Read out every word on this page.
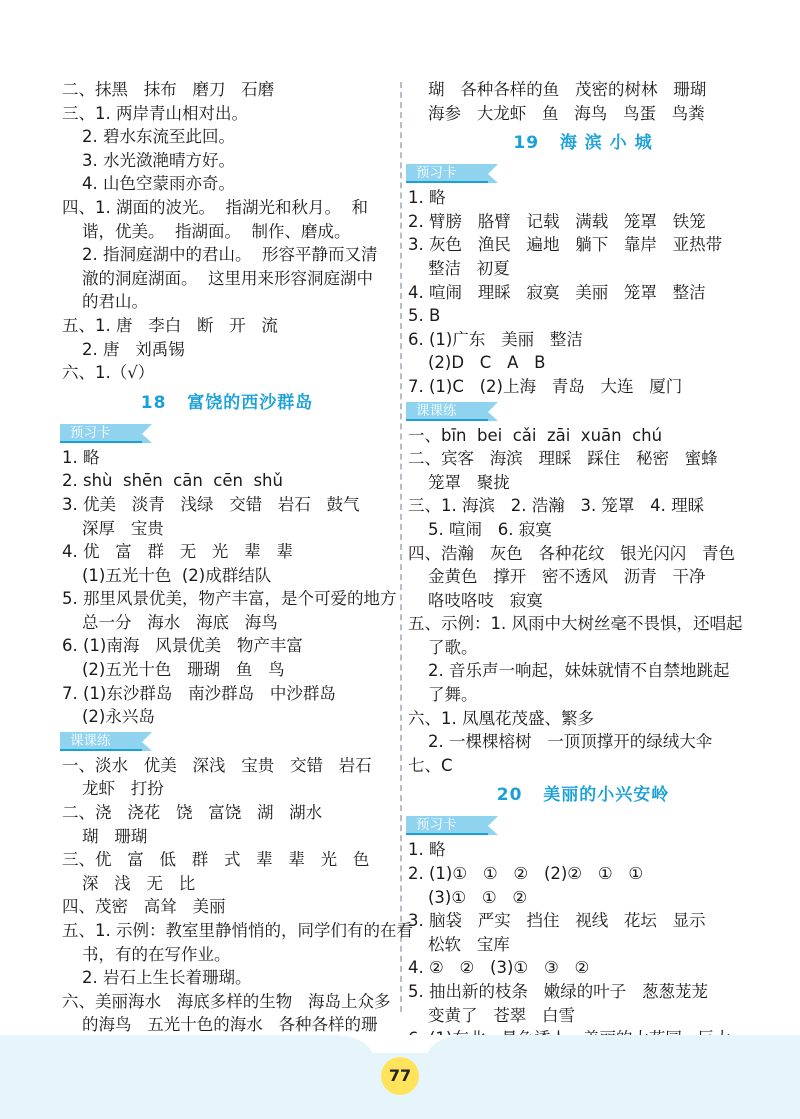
二、抹黑   抹布   磨刀   石磨
三、1. 两岸青山相对出。
2. 碧水东流至此回。
3. 水光潋滟晴方好。
4. 山色空蒙雨亦奇。
四、1. 湖面的波光。  指湖光和秋月。  和
谐，优美。  指湖面。  制作、磨成。
2. 指洞庭湖中的君山。  形容平静而又清
澈的洞庭湖面。  这里用来形容洞庭湖中
的君山。
五、1. 唐   李白   断   开   流
2. 唐   刘禹锡
六、1.（√）
18   富饶的西沙群岛
预习卡
1. 略
2. shù  shēn  cān  cēn  shǔ
3. 优美   淡青   浅绿   交错   岩石   鼓气
深厚   宝贵
4. 优   富   群   无   光   辈   辈
(1)五光十色  (2)成群结队
5. 那里风景优美，物产丰富，是个可爱的地方
总一分   海水   海底   海鸟
6. (1)南海   风景优美   物产丰富
(2)五光十色   珊瑚   鱼   鸟
7. (1)东沙群岛   南沙群岛   中沙群岛
(2)永兴岛
课课练
一、淡水   优美   深浅   宝贵   交错   岩石
龙虾   打扮
二、浇   浇花   饶   富饶   湖   湖水
瑚   珊瑚
三、优   富   低   群   式   辈   辈   光   色
深   浅   无   比
四、茂密   高耸   美丽
五、1. 示例：教室里静悄悄的，同学们有的在看
书，有的在写作业。
2. 岩石上生长着珊瑚。
六、美丽海水   海底多样的生物   海岛上众多
的海鸟   五光十色的海水   各种各样的珊
瑚   各种各样的鱼   茂密的树林   珊瑚
海参   大龙虾   鱼   海鸟   鸟蛋   鸟粪
19   海 滨 小 城
预习卡
1. 略
2. 臂膀   胳臂   记载   满载   笼罩   铁笼
3. 灰色   渔民   遍地   躺下   靠岸   亚热带
整洁   初夏
4. 喧闹   理睬   寂寞   美丽   笼罩   整洁
5. B
6. (1)广东   美丽   整洁
(2)D   C   A   B
7. (1)C   (2)上海   青岛   大连   厦门
课课练
一、bīn  bei  cǎi  zāi  xuān  chú
二、宾客   海滨   理睬   踩住   秘密   蜜蜂
笼罩   聚拢
三、1. 海滨   2. 浩瀚   3. 笼罩   4. 理睬
5. 喧闹   6. 寂寞
四、浩瀚   灰色   各种花纹   银光闪闪   青色
金黄色   撑开   密不透风   沥青   干净
咯吱咯吱   寂寞
五、示例：1. 风雨中大树丝毫不畏惧，还唱起
了歌。
2. 音乐声一响起，妹妹就情不自禁地跳起
了舞。
六、1. 凤凰花茂盛、繁多
2. 一棵棵榕树   一顶顶撑开的绿绒大伞
七、C
20   美丽的小兴安岭
预习卡
1. 略
2. (1)①   ①   ②   (2)②   ①   ①
(3)①   ①   ②
3. 脑袋   严实   挡住   视线   花坛   显示
松软   宝库
4. ②   ②   (3)①   ③   ②
5. 抽出新的枝条   嫩绿的叶子   葱葱茏茏
变黄了   苍翠   白雪
77
